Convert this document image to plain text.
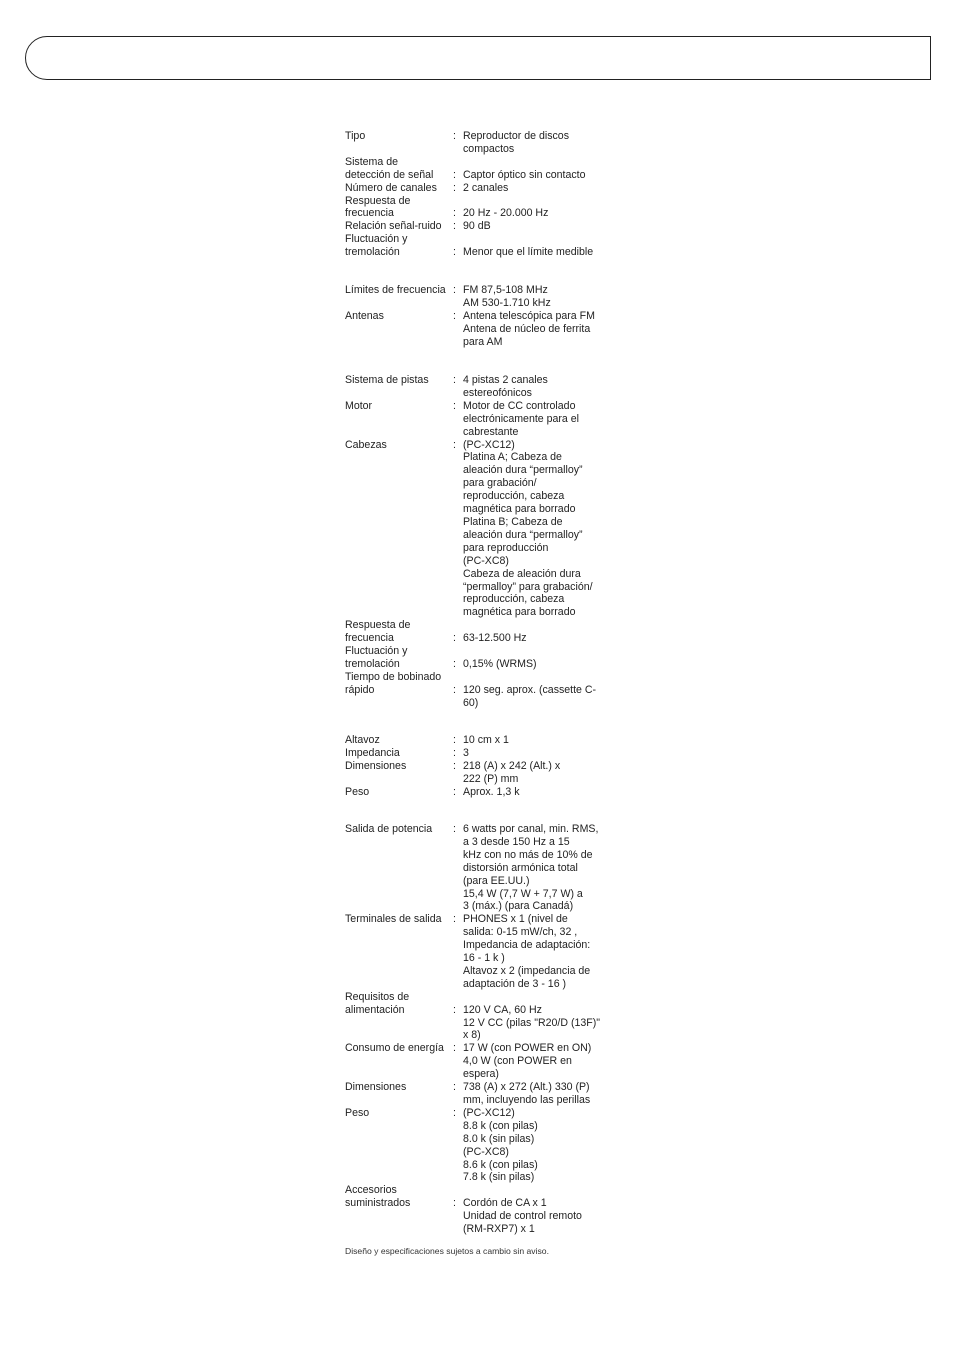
Tipo	: Reproductor de discos
compactos
Sistema de
detección de señal	: Captor óptico sin contacto
Número de canales	: 2 canales
Respuesta de
frecuencia	: 20 Hz - 20.000 Hz
Relación señal-ruido	: 90 dB
Fluctuación y
tremolación	: Menor que el límite medible
Límites de frecuencia : FM 87,5-108 MHz
AM 530-1.710 kHz
Antenas	: Antena telescópica para FM
Antena de núcleo de ferrita
para AM
Sistema de pistas	: 4 pistas 2 canales
estereofónicos
Motor	: Motor de CC controlado
electrónicamente para el
cabrestante
Cabezas	: (PC-XC12)
Platina A; Cabeza de
aleación dura “permalloy”
para grabación/
reproducción, cabeza
magnética para borrado
Platina B; Cabeza de
aleación dura “permalloy”
para reproducción
(PC-XC8)
Cabeza de aleación dura
“permalloy” para grabación/
reproducción, cabeza
magnética para borrado
Respuesta de
frecuencia	: 63-12.500 Hz
Fluctuación y
tremolación	: 0,15% (WRMS)
Tiempo de bobinado
rápido	: 120 seg. aprox. (cassette C-
60)
Altavoz	: 10 cm x 1
Impedancia	: 3
Dimensiones	: 218 (A) x 242 (Alt.) x
222 (P) mm
Peso	: Aprox. 1,3 k
Salida de potencia	: 6 watts por canal, min. RMS,
a 3 desde 150 Hz a 15
kHz con no más de 10% de
distorsión armónica total
(para EE.UU.)
15,4 W (7,7 W + 7,7 W) a
3 (máx.) (para Canadá)
Terminales de salida	: PHONES x 1 (nivel de
salida: 0-15 mW/ch, 32 ,
Impedancia de adaptación:
16 - 1 k )
Altavoz x 2 (impedancia de
adaptación de 3 - 16 )
Requisitos de
alimentación	: 120 V CA, 60 Hz
12 V CC (pilas "R20/D (13F)"
x 8)
Consumo de energía : 17 W (con POWER en ON)
4,0 W (con POWER en
espera)
Dimensiones	: 738 (A) x 272 (Alt.) 330 (P)
mm, incluyendo las perillas
Peso	: (PC-XC12)
8.8 k (con pilas)
8.0 k (sin pilas)
(PC-XC8)
8.6 k (con pilas)
7.8 k (sin pilas)
Accesorios
suministrados	: Cordón de CA x 1
Unidad de control remoto
(RM-RXP7) x 1
Diseño y especificaciones sujetos a cambio sin aviso.
